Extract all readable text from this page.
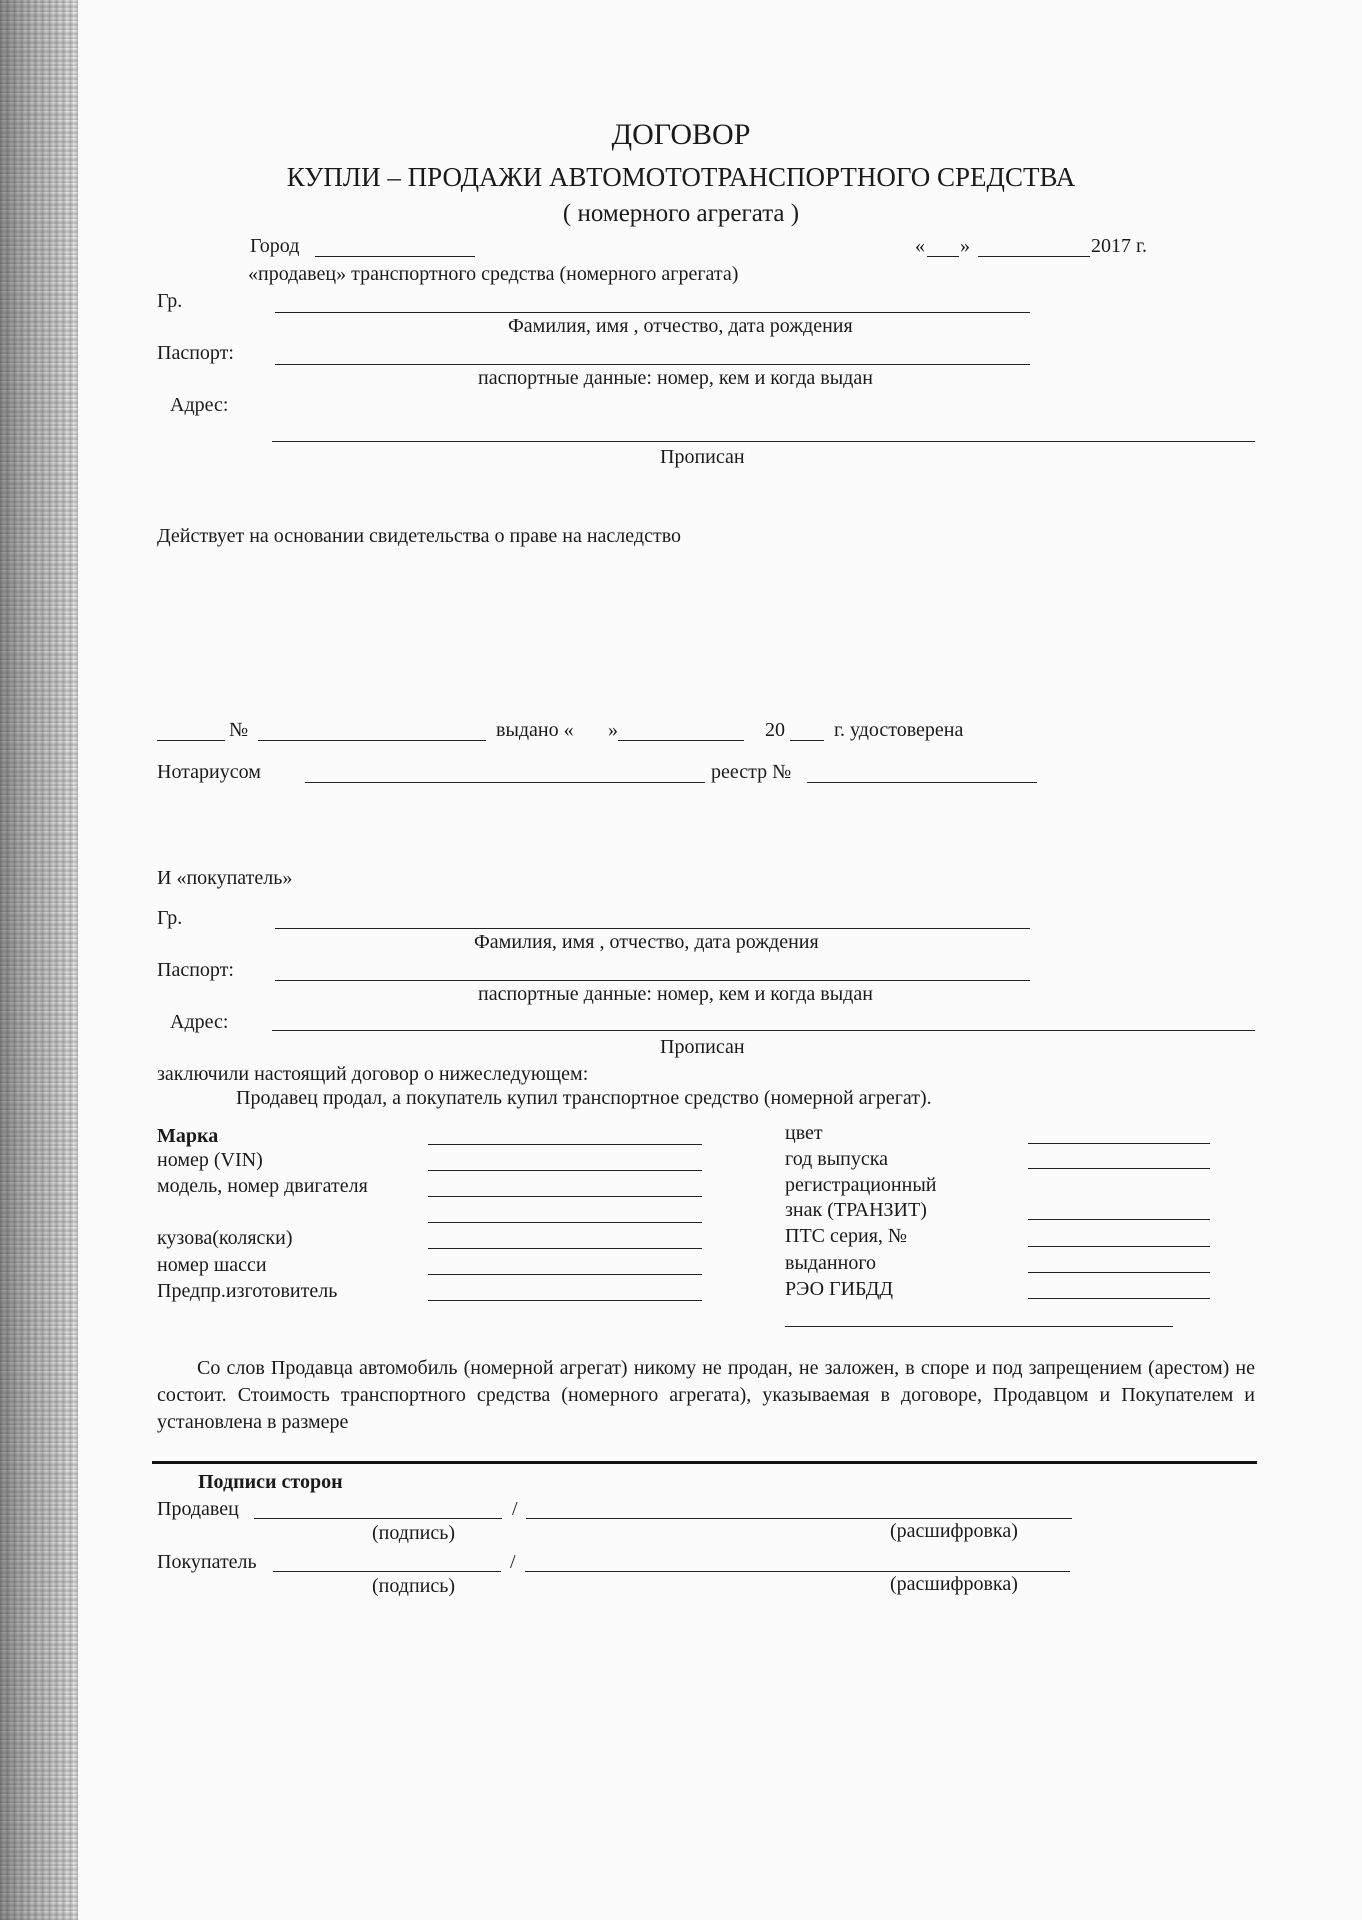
ДОГОВОР
КУПЛИ – ПРОДАЖИ АВТОМОТОТРАНСПОРТНОГО СРЕДСТВА
( номерного агрегата )
Город	« »	2017 г.
«продавец» транспортного средства (номерного агрегата)
Гр.
Фамилия, имя , отчество, дата рождения
Паспорт:
паспортные данные: номер, кем и когда выдан
Адрес:
Прописан
Действует на основании свидетельства о праве на наследство
№	выдано « »	20 г. удостоверена
Нотариусом	реестр №
И «покупатель»
Гр.
Фамилия, имя , отчество, дата рождения
Паспорт:
паспортные данные: номер, кем и когда выдан
Адрес:
Прописан
заключили настоящий договор о нижеследующем:
Продавец продал, а покупатель купил транспортное средство (номерной агрегат).
Марка
номер (VIN)
модель, номер двигателя
кузова(коляски)
номер шасси
Предпр.изготовитель
цвет
год выпуска
регистрационный
знак (ТРАНЗИТ)
ПТС серия, №
выданного
РЭО ГИБДД
Со слов Продавца автомобиль (номерной агрегат) никому не продан, не заложен, в споре и под запрещением (арестом) не состоит. Стоимость транспортного средства (номерного агрегата), указываемая в договоре, Продавцом и Покупателем и установлена в размере
Подписи сторон
Продавец	/
(подпись)	(расшифровка)
Покупатель	/
(подпись)	(расшифровка)
